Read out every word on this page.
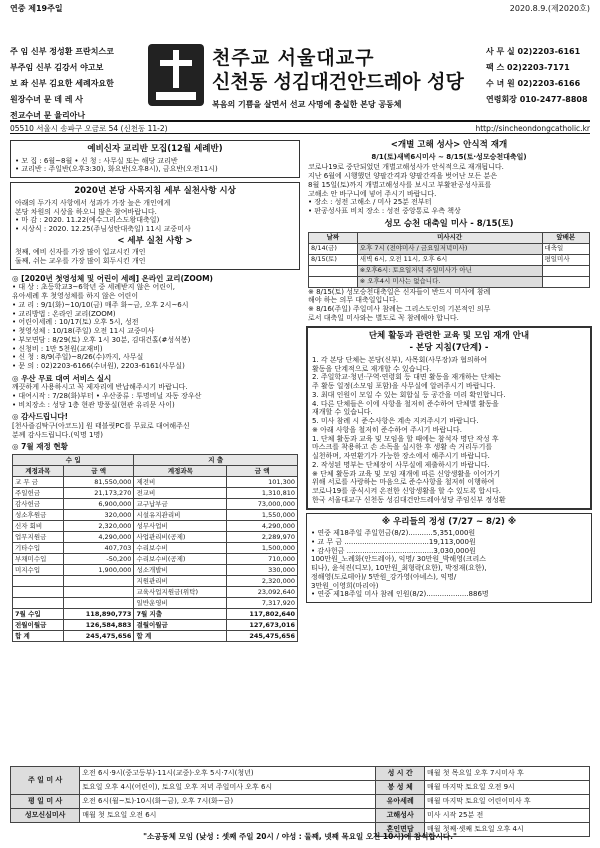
연중 제19주일	2020.8.9.(제2020호)
주 임 신부 정성환 프란치스코
부주임 신부 김강서 야고보
보 좌 신부 김요한 세례자요한
원장수녀 문 데 레 사
전교수녀 문 율리아나
천주교 서울대교구
신천동 성김대건안드레아 성당
복음의 기쁨을 살면서 선교 사명에 충실한 본당 공동체
사 무 실 02)2203-6161
팩 스 02)2203-7171
수 녀 원 02)2203-6166
연령회장 010-2477-8808
05510 서울시 송파구 오금로 54 (신천동 11-2)	http://sincheondongcatholic.kr
예비신자 교리반 모집(12월 세례반)
• 모 집 : 6월~8월 • 신 청 : 사무실 또는 해당 교리반
• 교리반 : 주일반(오후3:30), 화요반(오후8시), 금요반(오전11시)
2020년 본당 사목지침 세부 실천사항 시상
아래의 두가지 사항에서 성과가 가장 높은 개인에게
본당 차원의 시상을 하오니 많은 참여바랍니다.
• 마 감 : 2020. 11.22(예수그리스도왕대축일)
• 시상식 : 2020. 12.25(주님성탄대축일) 11시 교중미사
< 세부 실천 사항 >
첫째, 예비 신자를 가장 많이 입교시킨 개인
둘째, 쉬는 교우를 가장 많이 회두시킨 개인
◎ [2020년 첫영성체 및 어린이 세례] 온라인 교리(ZOOM)
• 대 상 : 초등학교3~6학년 중 세례받지 않은 어린이,
유아세례 후 첫영성체를 하지 않은 어린이
• 교 리 : 9/1(화)~10/10(금) 매주 화~금, 오후 2시~6시
• 교리방법 : 온라인 교리(ZOOM)
• 어린이세례 : 10/17(토) 오후 5시, 성전
• 첫영성체 : 10/18(주일) 오전 11시 교중미사
• 부모면담 : 8/29(토) 오후 1시 30분, 김대건홀(#성석봉)
• 신청비 : 1만 5천원(교재비)
• 신 청 : 8/9(주일)~8/26(수)까지, 사무실
• 문 의 : 02)2203-6166(수녀원), 2203-6161(사무실)
◎ 우산 무료 대여 서비스 실시
깨끗하게 사용하시고 꼭 제자리에 반납해주시기 바랍니다.
• 대여시작 : 7/28(화)부터 • 우산종류 : 투명비닐 자동 장우산
• 비치장소 : 성당 1층 현관 방풍실(현관 유리문 사이)
◎ 감사드립니다!
[천사즐김탁구(아코드)] 원 태블릿PC를 무료로 대여해주신
분께 감사드립니다.(익명 1명)
◎ 7월 재정 현황
수 입		지 출	
계정과목	금 액	계정과목	금 액
교 무 금	81,550,000	제전비	101,300
주일헌금	21,173,270	전교비	1,310,810
감사헌금	6,900,000	교구납부금	73,000,000
성소후원금	320,000	시설유지관리비	1,550,000
신자 회비	2,320,000	성무사업비	4,290,000
업무지원금	4,290,000	사업관리비(공제)	2,289,970
기타수입	407,703	수리보수비	1,500,000
부채미수입	-50,200	수리보수비(공제)	710,000
미지수입	1,900,000	성소개발비	330,000
		지원관리비	2,320,000
		교육사업지원금(위탁)	23,092,640
		일반운영비	7,317,920
7월 수입	118,890,773	7월 지출	117,802,640
전월이월금	126,584,883	결월이월금	127,673,016
합 계	245,475,656	합 계	245,475,656
<개별 고해 성사> 안식적 재개
8/1(토)새벽6시미사 ~ 8/15(토·성모승천대축일)
코로나19로 중단되었던 개별고해성사가 안식적으로 재개됩니다.
지난 6월에 시행했던 양팔간격과 양팔간격을 벗어난 모든 분은
8월 15일(토)까지 개별고해성사를 보시고 부활판공성사표를
고해소 안 바구니에 넣어 주시기 바랍니다.
• 장소 : 성전 고해소 / 미사 25분 전부터
• 판공성사표 비치 장소 : 성전 중앙통로 우측 책상
성모 승천 대축일 미사 - 8/15(토)
날짜	미사시간	앞배본
8/14(금)	오후 7시 (전야미사 / 금요일저녁미사)	대축일
8/15(토)	새벽 6시, 오전 11시, 오후 6시	평일미사
	※오후6시: 토요일저녁 주일미사가 아닌	
	※ 오후4시 미사는 없습니다.	
※ 8/15(토) 성모승천대축일은 신자들이 반드시 미사에 참례
해야 하는 의무 대축일입니다.
※ 8/16(주일) 주일미사 참례는 그리스도인의 기본적인 의무
로서 대축일 미사와는 별도로 꼭 참례해야 합니다.
단체 활동과 관련한 교육 및 모임 재개 안내
- 본당 지침(7단계) -
1. 각 본당 단체는 본당(신부), 사목회(사무장)과 협의하여
활동을 단계적으로 재개할 수 있습니다.
2. 주일학교·청년·구역·연령회 등 대면 활동을 재개하는 단체는
주 활동 일정(소모임 포함)을 사무실에 알려주시기 바랍니다.
3. 최대 인원이 모일 수 있는 회합실 등 공간을 미리 확인합니다.
4. 다른 단체들은 이에 사항을 철저히 준수하여 단체별 활동을
재개할 수 있습니다.
5. 미사 참례 시 준수사항은 계속 지켜주시기 바랍니다.
※ 아래 사항을 철저히 준수하여 주시기 바랍니다.
1. 단체 활동과 교육 및 모임을 할 때에는 참석자 명단 작성 후
마스크를 착용하고 손 소독을 실시한 후 생활 속 거리두기를
실천하며, 자연환기가 가능한 장소에서 해주시기 바랍니다.
2. 작성된 명부는 단체장이 사무실에 제출하시기 바랍니다.
※ 단체 활동과 교육 및 모임 재개에 따른 신앙생활을 이어가기
위해 서로를 사랑하는 마음으로 준수사항을 철저히 이행하여
코로나19를 종식시켜 온전한 신앙생활을 할 수 있도록 합시다.
한국 서울대교구 신천동 성김대건안드레아성당 주임신부 정성환
※ 우리들의 정성 (7/27 ~ 8/2) ※
• 연중 제18주일 주일헌금(8/2)...........5,351,000원
• 교 무 금 ......................................19,113,000원
• 감사헌금 .......................................3,030,000원
100만원_노례화(안드레아), 익명/ 30만원_박해영(크리스
티나), 윤석진(디모), 10만원_최형락(요한), 박정재(요한),
정해영(도로테아)/ 5만원_강가영(아녜스), 익명/
3만원_이영희(마리아)
• 연중 제18주일 미사 참례 인원(8/2)...................886명
주 일 미 사	오전 6시·9시(중고등부)·11시(교중)·오후 5시·7시(청년)	성 시 간	매월 첫 목요일 오후 7시미사 후
	토요일 오후 4시(어린이), 토요일 오후 저녁 주일미사 오후 6시	봉 성 체	매월 마지막 토요일 오전 9시
평 일 미 사	오전 6시(월~토)·10시(화~금), 오후 7시(화~금)	유아세례	매월 마지막 토요일 어린이미사 후
성모신심미사	매월 첫 토요일 오전 6시	고해성사	미사 시작 25분 전
		혼인면담	매월 첫째·셋째 토요일 오후 4시
"소공동체 모임 (낮성 : 셋째 주일 20시 / 야성 : 둘째, 넷째 목요일 오전 10시)에 참석합시다."
